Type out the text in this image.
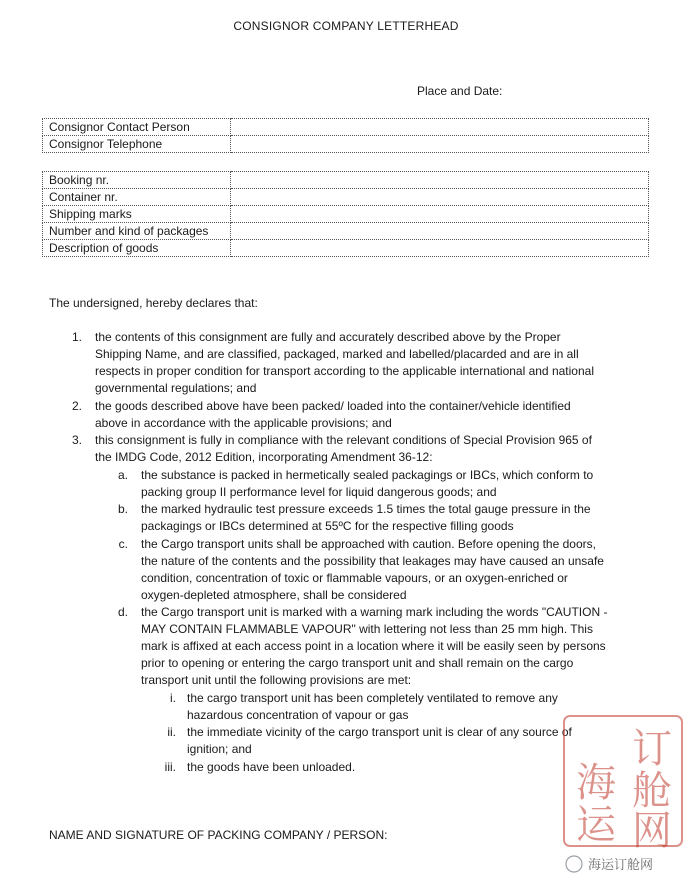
CONSIGNOR COMPANY LETTERHEAD
Place and Date:
Consignor Contact Person	
Consignor Telephone	
Booking nr.	
Container nr.	
Shipping marks	
Number and kind of packages	
Description of goods	
The undersigned, hereby declares that:
1. the contents of this consignment are fully and accurately described above by the Proper
Shipping Name, and are classified, packaged, marked and labelled/placarded and are in all
respects in proper condition for transport according to the applicable international and national
governmental regulations; and
2. the goods described above have been packed/ loaded into the container/vehicle identified
above in accordance with the applicable provisions; and
3. this consignment is fully in compliance with the relevant conditions of Special Provision 965 of
the IMDG Code, 2012 Edition, incorporating Amendment 36-12:
a. the substance is packed in hermetically sealed packagings or IBCs, which conform to
packing group II performance level for liquid dangerous goods; and
b. the marked hydraulic test pressure exceeds 1.5 times the total gauge pressure in the
packagings or IBCs determined at 55ºC for the respective filling goods
c. the Cargo transport units shall be approached with caution. Before opening the doors,
the nature of the contents and the possibility that leakages may have caused an unsafe
condition, concentration of toxic or flammable vapours, or an oxygen-enriched or
oxygen-depleted atmosphere, shall be considered
d. the Cargo transport unit is marked with a warning mark including the words "CAUTION -
MAY CONTAIN FLAMMABLE VAPOUR" with lettering not less than 25 mm high. This
mark is affixed at each access point in a location where it will be easily seen by persons
prior to opening or entering the cargo transport unit and shall remain on the cargo
transport unit until the following provisions are met:
i. the cargo transport unit has been completely ventilated to remove any
hazardous concentration of vapour or gas
ii. the immediate vicinity of the cargo transport unit is clear of any source of
ignition; and
iii. the goods have been unloaded.
NAME AND SIGNATURE OF PACKING COMPANY / PERSON:
订
舱
网
海
运
海运订舱网
